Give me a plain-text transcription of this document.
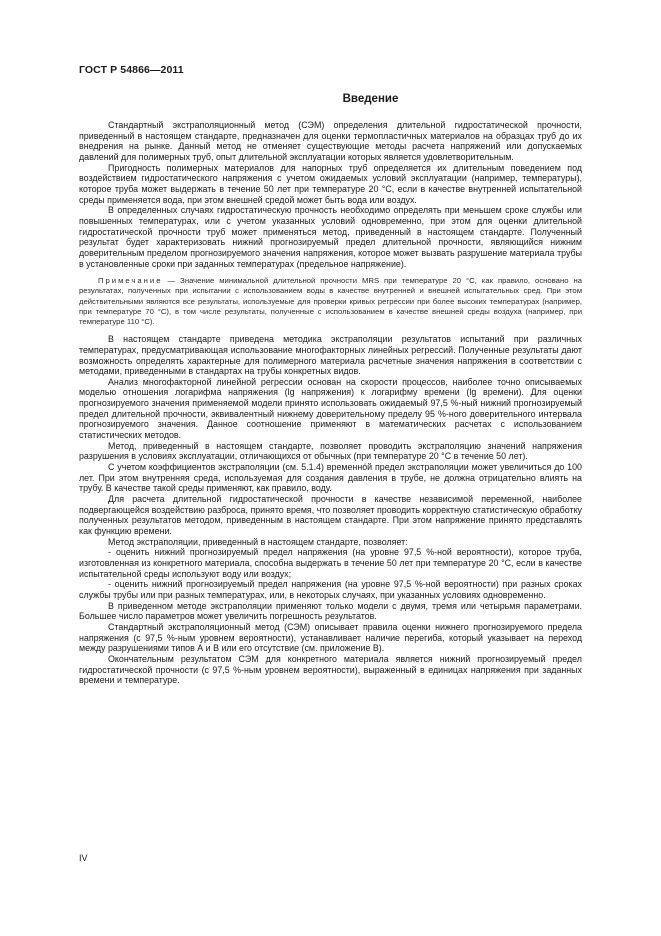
ГОСТ Р 54866—2011
Введение

Стандартный экстраполяционный метод (СЭМ) определения длительной гидростатической прочности, приведенный в настоящем стандарте, предназначен для оценки термопластичных материалов на образцах труб до их внедрения на рынке. Данный метод не отменяет существующие методы расчета напряжений или допускаемых давлений для полимерных труб, опыт длительной эксплуатации которых является удовлетворительным.

Пригодность полимерных материалов для напорных труб определяется их длительным поведением под воздействием гидростатического напряжения с учетом ожидаемых условий эксплуатации (например, температуры), которое труба может выдержать в течение 50 лет при температуре 20 °С, если в качестве внутренней испытательной среды применяется вода, при этом внешней средой может быть вода или воздух.

В определенных случаях гидростатическую прочность необходимо определять при меньшем сроке службы или повышенных температурах, или с учетом указанных условий одновременно, при этом для оценки длительной гидростатической прочности труб может применяться метод, приведенный в настоящем стандарте. Полученный результат будет характеризовать нижний прогнозируемый предел длительной прочности, являющийся нижним доверительным пределом прогнозируемого значения напряжения, которое может вызвать разрушение материала трубы в установленные сроки при заданных температурах (предельное напряжение).

Примечание — Значение минимальной длительной прочности MRS при температуре 20 °С, как правило, основано на результатах, полученных при испытании с использованием воды в качестве внутренней и внешней испытательных сред. При этом действительными являются все результаты, используемые для проверки кривых регрессии при более высоких температурах (например, при температуре 70 °С), в том числе результаты, полученные с использованием в качестве внешней среды воздуха (например, при температуре 110 °С).

В настоящем стандарте приведена методика экстраполяции результатов испытаний при различных температурах, предусматривающая использование многофакторных линейных регрессий. Полученные результаты дают возможность определять характерные для полимерного материала расчетные значения напряжения в соответствии с методами, приведенными в стандартах на трубы конкретных видов.

Анализ многофакторной линейной регрессии основан на скорости процессов, наиболее точно описываемых моделью отношения логарифма напряжения (lg напряжения) к логарифму времени (lg времени). Для оценки прогнозируемого значения применяемой модели принято использовать ожидаемый 97,5 %-ный нижний прогнозируемый предел длительной прочности, эквивалентный нижнему доверительному пределу 95 %-ного доверительного интервала прогнозируемого значения. Данное соотношение применяют в математических расчетах с использованием статистических методов.

Метод, приведенный в настоящем стандарте, позволяет проводить экстраполяцию значений напряжения разрушения в условиях эксплуатации, отличающихся от обычных (при температуре 20 °С в течение 50 лет).

С учетом коэффициентов экстраполяции (см. 5.1.4) временнóй предел экстраполяции может увеличиться до 100 лет. При этом внутренняя среда, используемая для создания давления в трубе, не должна отрицательно влиять на трубу. В качестве такой среды применяют, как правило, воду.

Для расчета длительной гидростатической прочности в качестве независимой переменной, наиболее подвергающейся воздействию разброса, принято время, что позволяет проводить корректную статистическую обработку полученных результатов методом, приведенным в настоящем стандарте. При этом напряжение принято представлять как функцию времени.

Метод экстраполяции, приведенный в настоящем стандарте, позволяет:

- оценить нижний прогнозируемый предел напряжения (на уровне 97,5 %-ной вероятности), которое труба, изготовленная из конкретного материала, способна выдержать в течение 50 лет при температуре 20 °С, если в качестве испытательной среды используют воду или воздух;

- оценить нижний прогнозируемый предел напряжения (на уровне 97,5 %-ной вероятности) при разных сроках службы трубы или при разных температурах, или, в некоторых случаях, при указанных условиях одновременно.

В приведенном методе экстраполяции применяют только модели с двумя, тремя или четырьмя параметрами. Большее число параметров может увеличить погрешность результатов.

Стандартный экстраполяционный метод (СЭМ) описывает правила оценки нижнего прогнозируемого предела напряжения (с 97,5 %-ным уровнем вероятности), устанавливает наличие перегиба, который указывает на переход между разрушениями типов А и В или его отсутствие (см. приложение В).

Окончательным результатом СЭМ для конкретного материала является нижний прогнозируемый предел гидростатической прочности (с 97,5 %-ным уровнем вероятности), выраженный в единицах напряжения при заданных времени и температуре.

IV
